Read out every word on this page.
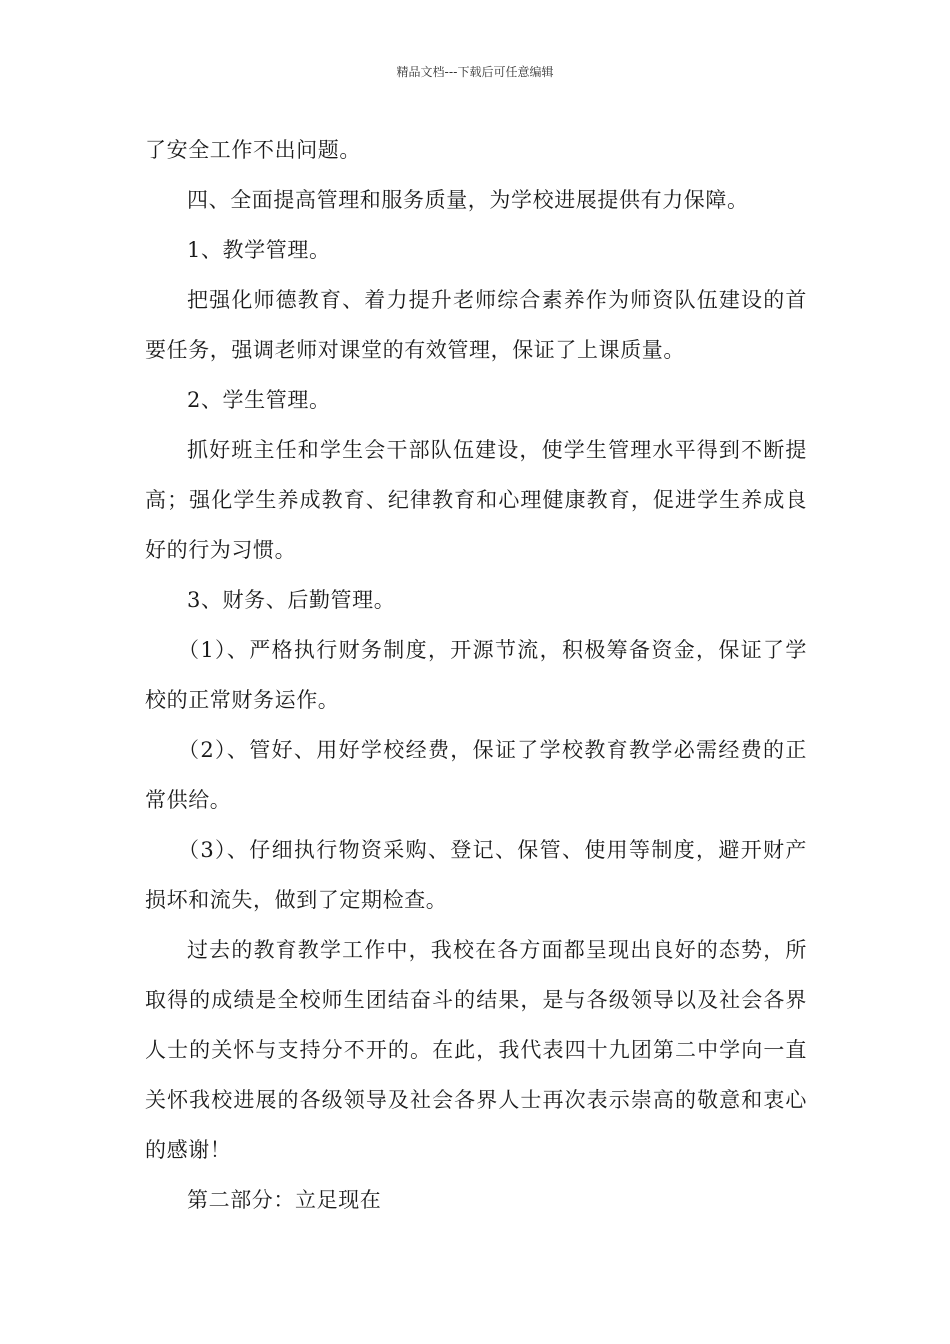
精品文档---下载后可任意编辑

了安全工作不出问题。

四、全面提高管理和服务质量，为学校进展提供有力保障。

1、教学管理。

把强化师德教育、着力提升老师综合素养作为师资队伍建设的首要任务，强调老师对课堂的有效管理，保证了上课质量。

2、学生管理。

抓好班主任和学生会干部队伍建设，使学生管理水平得到不断提高；强化学生养成教育、纪律教育和心理健康教育，促进学生养成良好的行为习惯。

3、财务、后勤管理。

（1）、严格执行财务制度，开源节流，积极筹备资金，保证了学校的正常财务运作。

（2）、管好、用好学校经费，保证了学校教育教学必需经费的正常供给。

（3）、仔细执行物资采购、登记、保管、使用等制度，避开财产损坏和流失，做到了定期检查。

过去的教育教学工作中，我校在各方面都呈现出良好的态势，所取得的成绩是全校师生团结奋斗的结果，是与各级领导以及社会各界人士的关怀与支持分不开的。在此，我代表四十九团第二中学向一直关怀我校进展的各级领导及社会各界人士再次表示崇高的敬意和衷心的感谢！

第二部分：立足现在
